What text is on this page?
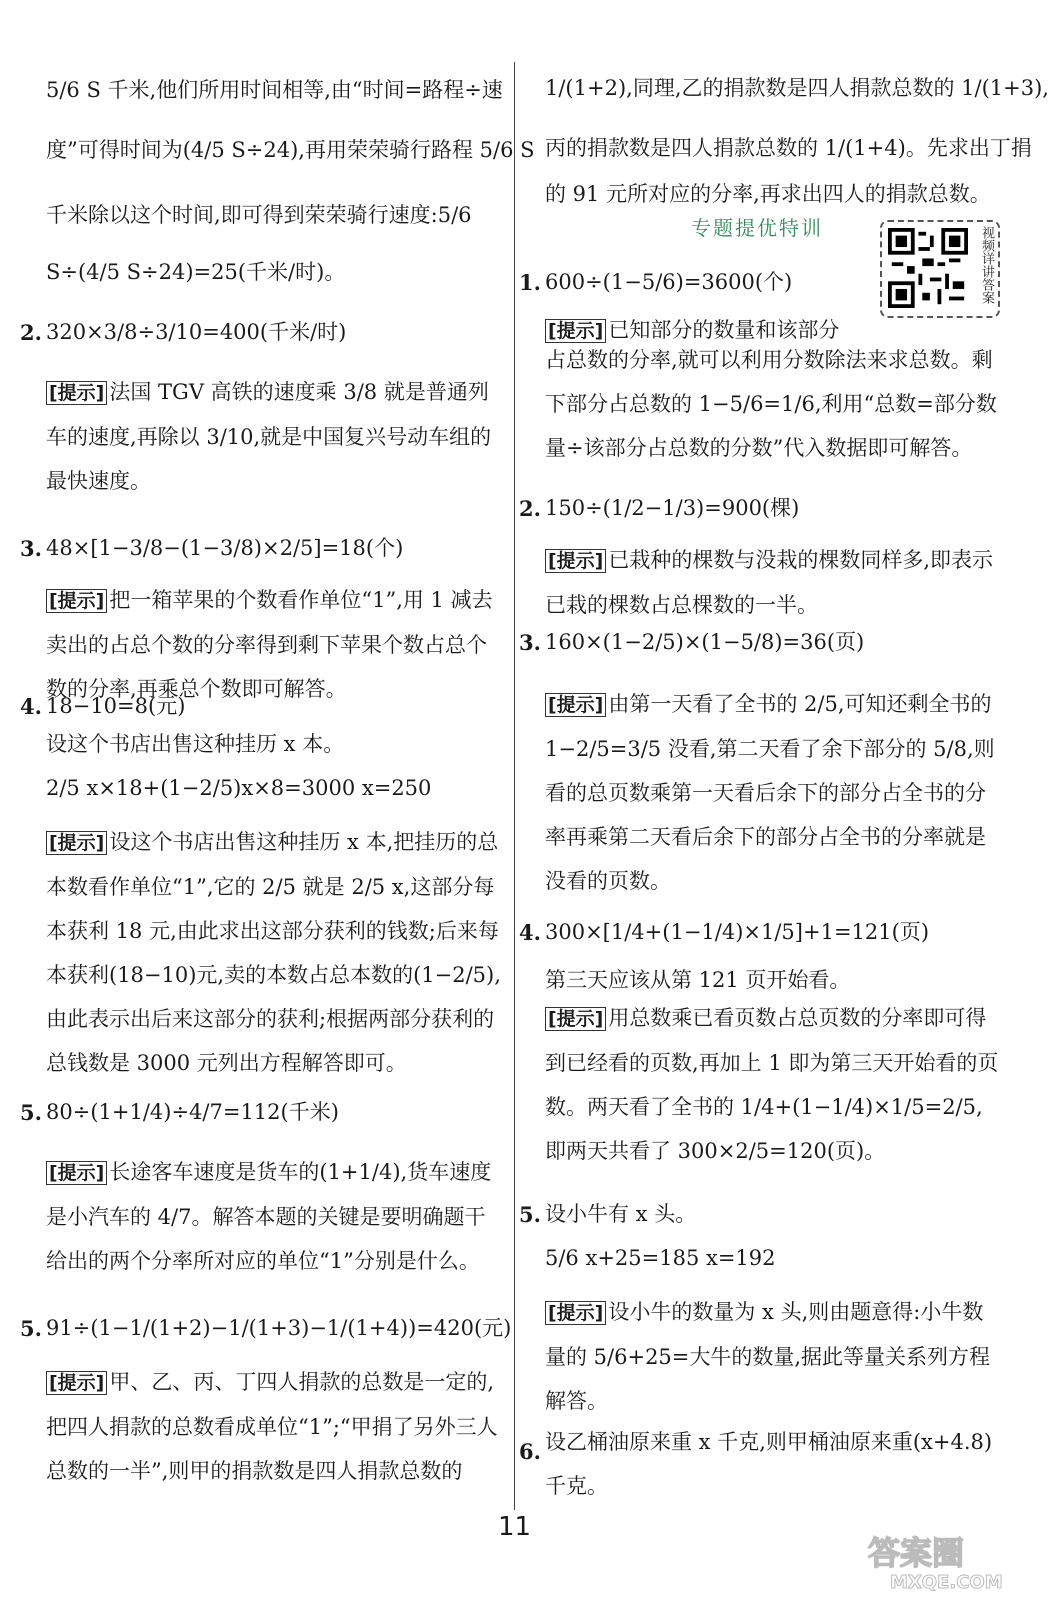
5/6 S 千米,他们所用时间相等,由“时间=路程÷速
度”可得时间为(4/5 S÷24),再用荣荣骑行路程 5/6 S
千米除以这个时间,即可得到荣荣骑行速度:5/6
S÷(4/5 S÷24)=25(千米/时)。
2. 320×3/8÷3/10=400(千米/时)
[提示] 法国 TGV 高铁的速度乘 3/8 就是普通列车的速度,再除以 3/10,就是中国复兴号动车组的最快速度。
3. 48×[1−3/8−(1−3/8)×2/5]=18(个)
[提示] 把一箱苹果的个数看作单位“1”,用 1 减去卖出的占总个数的分率得到剩下苹果个数占总个数的分率,再乘总个数即可解答。
4. 18−10=8(元)
设这个书店出售这种挂历 x 本。
2/5 x×18+(1−2/5)x×8=3000 x=250
[提示] 设这个书店出售这种挂历 x 本,把挂历的总本数看作单位“1”,它的 2/5 就是 2/5 x,这部分每本获利 18 元,由此求出这部分获利的钱数;后来每本获利(18−10)元,卖的本数占总本数的(1−2/5),由此表示出后来这部分的获利;根据两部分获利的总钱数是 3000 元列出方程解答即可。
5. 80÷(1+1/4)÷4/7=112(千米)
[提示] 长途客车速度是货车的(1+1/4),货车速度是小汽车的 4/7。解答本题的关键是要明确题干给出的两个分率所对应的单位“1”分别是什么。
5. 91÷(1−1/(1+2)−1/(1+3)−1/(1+4))=420(元)
[提示] 甲、乙、丙、丁四人捐款的总数是一定的,把四人捐款的总数看成单位“1”;“甲捐了另外三人总数的一半”,则甲的捐款数是四人捐款总数的
1/(1+2),同理,乙的捐款数是四人捐款总数的 1/(1+3),
丙的捐款数是四人捐款总数的 1/(1+4)。先求出丁捐
的 91 元所对应的分率,再求出四人的捐款总数。
专题提优特训
1. 600÷(1−5/6)=3600(个)
[提示] 已知部分的数量和该部分
占总数的分率,就可以利用分数除法来求总数。剩下部分占总数的 1−5/6=1/6,利用“总数=部分数量÷该部分占总数的分数”代入数据即可解答。
2. 150÷(1/2−1/3)=900(棵)
[提示] 已栽种的棵数与没栽的棵数同样多,即表示已栽的棵数占总棵数的一半。
3. 160×(1−2/5)×(1−5/8)=36(页)
[提示] 由第一天看了全书的 2/5,可知还剩全书的 1−2/5=3/5 没看,第二天看了余下部分的 5/8,则看的总页数乘第一天看后余下的部分占全书的分率再乘第二天看后余下的部分占全书的分率就是没看的页数。
4. 300×[1/4+(1−1/4)×1/5]+1=121(页)
第三天应该从第 121 页开始看。
[提示] 用总数乘已看页数占总页数的分率即可得到已经看的页数,再加上 1 即为第三天开始看的页数。两天看了全书的 1/4+(1−1/4)×1/5=2/5,即两天共看了 300×2/5=120(页)。
5. 设小牛有 x 头。
5/6 x+25=185 x=192
[提示] 设小牛的数量为 x 头,则由题意得:小牛数量的 5/6+25=大牛的数量,据此等量关系列方程解答。
6. 设乙桶油原来重 x 千克,则甲桶油原来重(x+4.8)千克。
视频详讲答案
11
答案圈
MXQE.COM
